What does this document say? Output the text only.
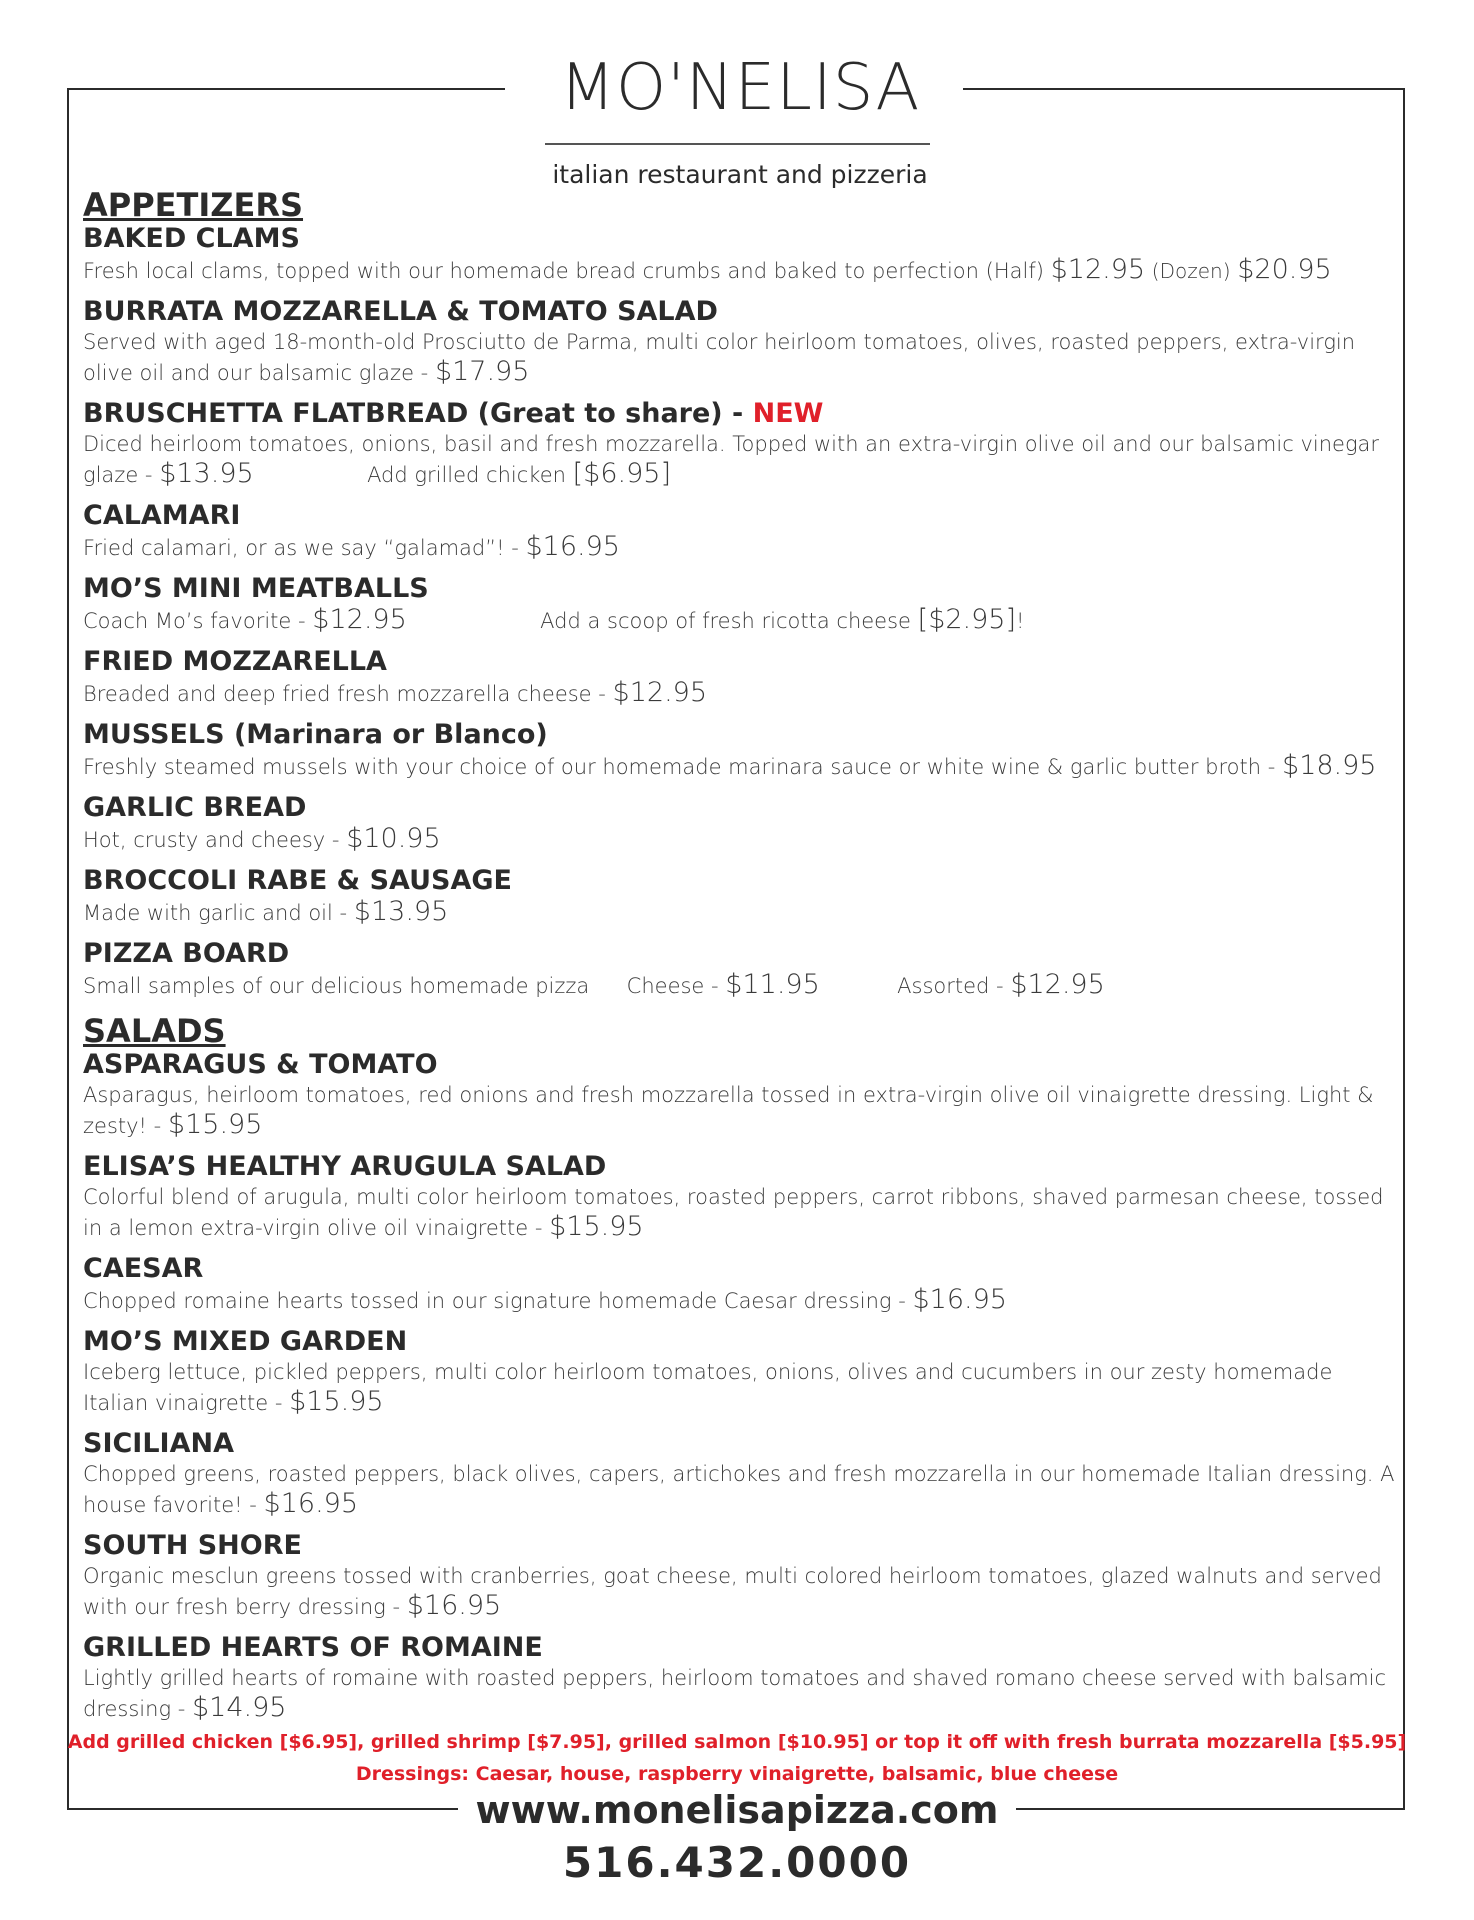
MO'NELISA
italian restaurant and pizzeria
APPETIZERS
BAKED CLAMS
Fresh local clams, topped with our homemade bread crumbs and baked to perfection (Half) $12.95 (Dozen) $20.95
BURRATA MOZZARELLA & TOMATO SALAD
Served with aged 18-month-old Prosciutto de Parma, multi color heirloom tomatoes, olives, roasted peppers, extra-virgin olive oil and our balsamic glaze - $17.95
BRUSCHETTA FLATBREAD (Great to share) - NEW
Diced heirloom tomatoes, onions, basil and fresh mozzarella. Topped with an extra-virgin olive oil and our balsamic vinegar glaze - $13.95	Add grilled chicken [$6.95]
CALAMARI
Fried calamari, or as we say “galamad”! - $16.95
MO’S MINI MEATBALLS
Coach Mo’s favorite - $12.95	Add a scoop of fresh ricotta cheese [$2.95]!
FRIED MOZZARELLA
Breaded and deep fried fresh mozzarella cheese - $12.95
MUSSELS (Marinara or Blanco)
Freshly steamed mussels with your choice of our homemade marinara sauce or white wine & garlic butter broth - $18.95
GARLIC BREAD
Hot, crusty and cheesy - $10.95
BROCCOLI RABE & SAUSAGE
Made with garlic and oil - $13.95
PIZZA BOARD
Small samples of our delicious homemade pizza Cheese - $11.95	Assorted - $12.95
SALADS
ASPARAGUS & TOMATO
Asparagus, heirloom tomatoes, red onions and fresh mozzarella tossed in extra-virgin olive oil vinaigrette dressing. Light & zesty! - $15.95
ELISA’S HEALTHY ARUGULA SALAD
Colorful blend of arugula, multi color heirloom tomatoes, roasted peppers, carrot ribbons, shaved parmesan cheese, tossed in a lemon extra-virgin olive oil vinaigrette - $15.95
CAESAR
Chopped romaine hearts tossed in our signature homemade Caesar dressing - $16.95
MO’S MIXED GARDEN
Iceberg lettuce, pickled peppers, multi color heirloom tomatoes, onions, olives and cucumbers in our zesty homemade Italian vinaigrette - $15.95
SICILIANA
Chopped greens, roasted peppers, black olives, capers, artichokes and fresh mozzarella in our homemade Italian dressing. A house favorite! - $16.95
SOUTH SHORE
Organic mesclun greens tossed with cranberries, goat cheese, multi colored heirloom tomatoes, glazed walnuts and served with our fresh berry dressing - $16.95
GRILLED HEARTS OF ROMAINE
Lightly grilled hearts of romaine with roasted peppers, heirloom tomatoes and shaved romano cheese served with balsamic dressing - $14.95
Add grilled chicken [$6.95], grilled shrimp [$7.95], grilled salmon [$10.95] or top it off with fresh burrata mozzarella [$5.95]
Dressings: Caesar, house, raspberry vinaigrette, balsamic, blue cheese
www.monelisapizza.com
516.432.0000
